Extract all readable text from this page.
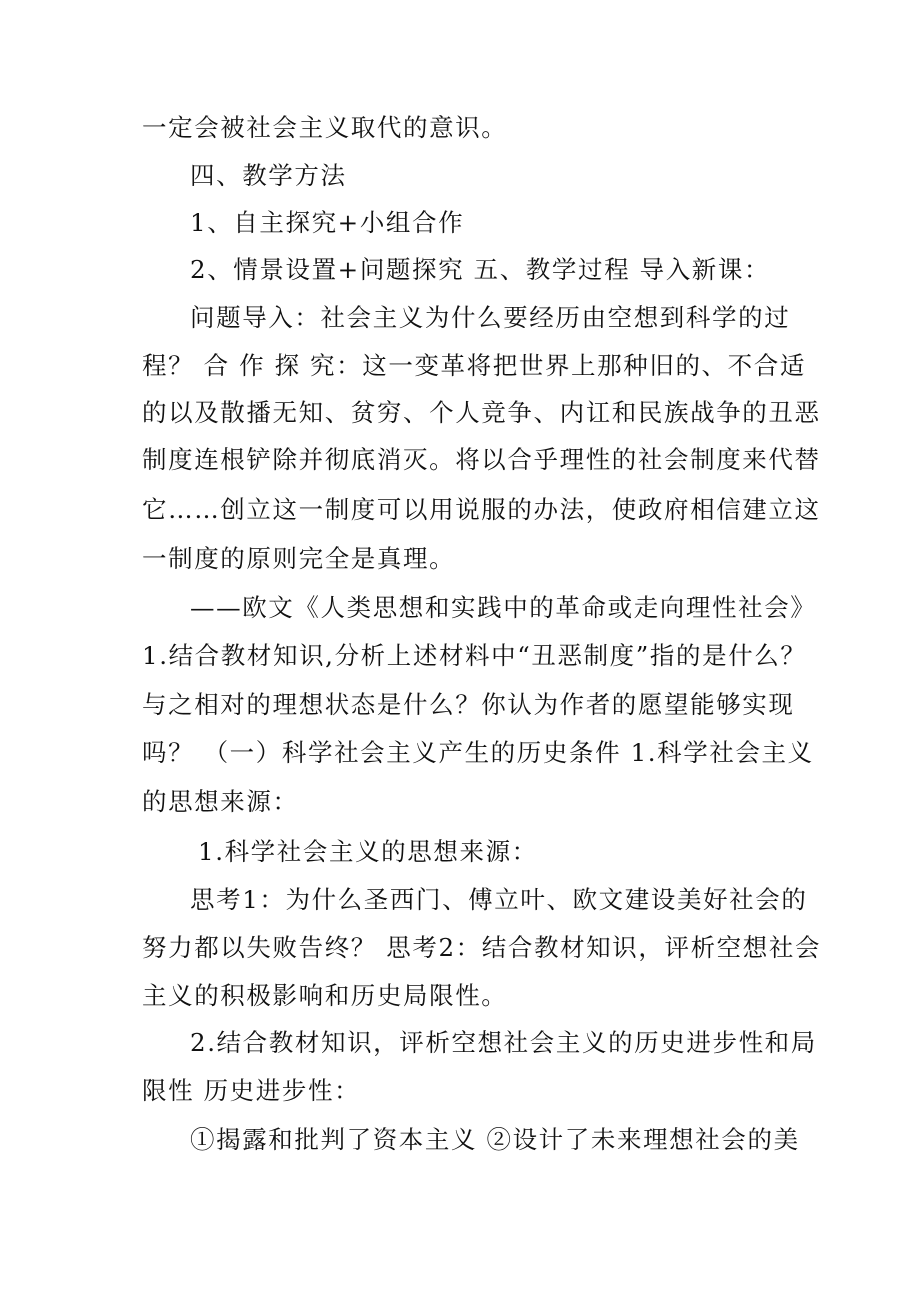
一定会被社会主义取代的意识。
四、教学方法
1、自主探究+小组合作
2、情景设置+问题探究 五、教学过程 导入新课：
问题导入：社会主义为什么要经历由空想到科学的过
程？ 合 作 探 究：这一变革将把世界上那种旧的、不合适
的以及散播无知、贫穷、个人竞争、内讧和民族战争的丑恶
制度连根铲除并彻底消灭。将以合乎理性的社会制度来代替
它……创立这一制度可以用说服的办法，使政府相信建立这
一制度的原则完全是真理。
——欧文《人类思想和实践中的革命或走向理性社会》
1.结合教材知识,分析上述材料中“丑恶制度”指的是什么？
与之相对的理想状态是什么？你认为作者的愿望能够实现
吗？ （一）科学社会主义产生的历史条件 1.科学社会主义
的思想来源：
1.科学社会主义的思想来源：
思考1：为什么圣西门、傅立叶、欧文建设美好社会的
努力都以失败告终？ 思考2：结合教材知识，评析空想社会
主义的积极影响和历史局限性。
2.结合教材知识，评析空想社会主义的历史进步性和局
限性 历史进步性：
①揭露和批判了资本主义 ②设计了未来理想社会的美
